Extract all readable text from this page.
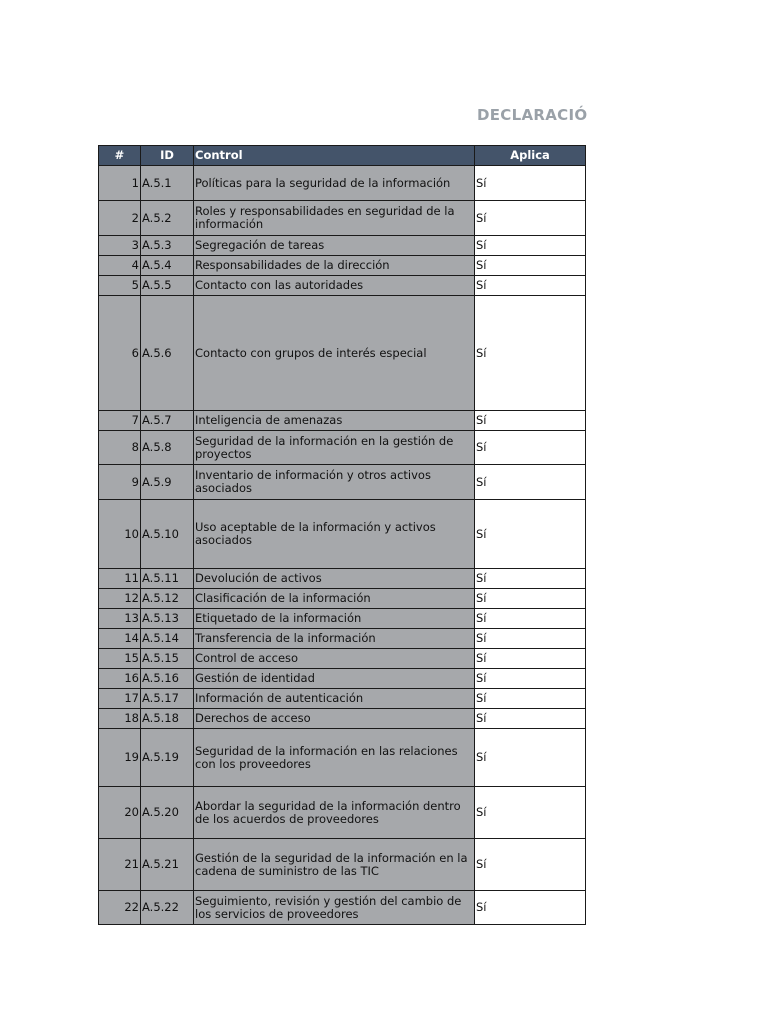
DECLARACIÓ
#	ID	Control	Aplica
1	A.5.1	Políticas para la seguridad de la información	Sí
2	A.5.2	Roles y responsabilidades en seguridad de la información	Sí
3	A.5.3	Segregación de tareas	Sí
4	A.5.4	Responsabilidades de la dirección	Sí
5	A.5.5	Contacto con las autoridades	Sí
6	A.5.6	Contacto con grupos de interés especial	Sí
7	A.5.7	Inteligencia de amenazas	Sí
8	A.5.8	Seguridad de la información en la gestión de proyectos	Sí
9	A.5.9	Inventario de información y otros activos asociados	Sí
10	A.5.10	Uso aceptable de la información y activos asociados	Sí
11	A.5.11	Devolución de activos	Sí
12	A.5.12	Clasificación de la información	Sí
13	A.5.13	Etiquetado de la información	Sí
14	A.5.14	Transferencia de la información	Sí
15	A.5.15	Control de acceso	Sí
16	A.5.16	Gestión de identidad	Sí
17	A.5.17	Información de autenticación	Sí
18	A.5.18	Derechos de acceso	Sí
19	A.5.19	Seguridad de la información en las relaciones con los proveedores	Sí
20	A.5.20	Abordar la seguridad de la información dentro de los acuerdos de proveedores	Sí
21	A.5.21	Gestión de la seguridad de la información en la cadena de suministro de las TIC	Sí
22	A.5.22	Seguimiento, revisión y gestión del cambio de los servicios de proveedores	Sí
